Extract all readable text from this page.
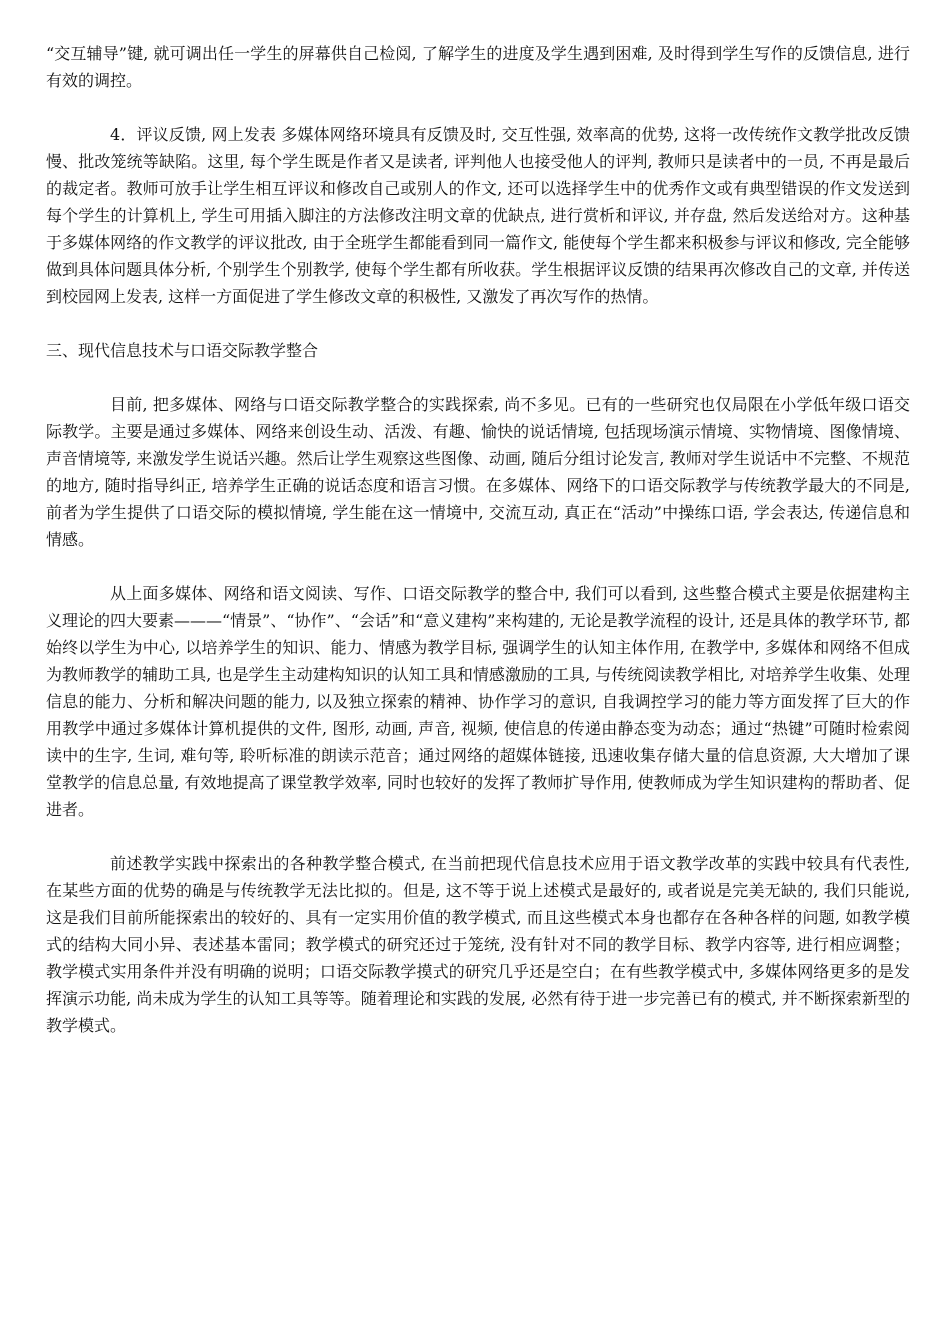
“交互辅导”键, 就可调出任一学生的屏幕供自己检阅, 了解学生的进度及学生遇到困难, 及时得到学生写作的反馈信息, 进行有效的调控。

4．评议反馈, 网上发表 多媒体网络环境具有反馈及时, 交互性强, 效率高的优势, 这将一改传统作文教学批改反馈慢、批改笼统等缺陷。这里, 每个学生既是作者又是读者, 评判他人也接受他人的评判, 教师只是读者中的一员, 不再是最后的裁定者。教师可放手让学生相互评议和修改自己或别人的作文, 还可以选择学生中的优秀作文或有典型错误的作文发送到每个学生的计算机上, 学生可用插入脚注的方法修改注明文章的优缺点, 进行赏析和评议, 并存盘, 然后发送给对方。这种基于多媒体网络的作文教学的评议批改, 由于全班学生都能看到同一篇作文, 能使每个学生都来积极参与评议和修改, 完全能够做到具体问题具体分析, 个别学生个别教学, 使每个学生都有所收获。学生根据评议反馈的结果再次修改自己的文章, 并传送到校园网上发表, 这样一方面促进了学生修改文章的积极性, 又激发了再次写作的热情。

三、现代信息技术与口语交际教学整合

目前, 把多媒体、网络与口语交际教学整合的实践探索, 尚不多见。已有的一些研究也仅局限在小学低年级口语交际教学。主要是通过多媒体、网络来创设生动、活泼、有趣、愉快的说话情境, 包括现场演示情境、实物情境、图像情境、声音情境等, 来激发学生说话兴趣。然后让学生观察这些图像、动画, 随后分组讨论发言, 教师对学生说话中不完整、不规范的地方, 随时指导纠正, 培养学生正确的说话态度和语言习惯。在多媒体、网络下的口语交际教学与传统教学最大的不同是, 前者为学生提供了口语交际的模拟情境, 学生能在这一情境中, 交流互动, 真正在“活动”中操练口语, 学会表达, 传递信息和情感。

从上面多媒体、网络和语文阅读、写作、口语交际教学的整合中, 我们可以看到, 这些整合模式主要是依据建构主义理论的四大要素———“情景”、“协作”、“会话”和“意义建构”来构建的, 无论是教学流程的设计, 还是具体的教学环节, 都始终以学生为中心, 以培养学生的知识、能力、情感为教学目标, 强调学生的认知主体作用, 在教学中, 多媒体和网络不但成为教师教学的辅助工具, 也是学生主动建构知识的认知工具和情感激励的工具, 与传统阅读教学相比, 对培养学生收集、处理信息的能力、分析和解决问题的能力, 以及独立探索的精神、协作学习的意识, 自我调控学习的能力等方面发挥了巨大的作用教学中通过多媒体计算机提供的文件, 图形, 动画, 声音, 视频, 使信息的传递由静态变为动态；通过“热键”可随时检索阅读中的生字, 生词, 难句等, 聆听标准的朗读示范音；通过网络的超媒体链接, 迅速收集存储大量的信息资源, 大大增加了课堂教学的信息总量, 有效地提高了课堂教学效率, 同时也较好的发挥了教师扩导作用, 使教师成为学生知识建构的帮助者、促进者。

前述教学实践中探索出的各种教学整合模式, 在当前把现代信息技术应用于语文教学改革的实践中较具有代表性, 在某些方面的优势的确是与传统教学无法比拟的。但是, 这不等于说上述模式是最好的, 或者说是完美无缺的, 我们只能说, 这是我们目前所能探索出的较好的、具有一定实用价值的教学模式, 而且这些模式本身也都存在各种各样的问题, 如教学模式的结构大同小异、表述基本雷同；教学模式的研究还过于笼统, 没有针对不同的教学目标、教学内容等, 进行相应调整；教学模式实用条件并没有明确的说明；口语交际教学摸式的研究几乎还是空白；在有些教学模式中, 多媒体网络更多的是发挥演示功能, 尚未成为学生的认知工具等等。随着理论和实践的发展, 必然有待于进一步完善已有的模式, 并不断探索新型的教学模式。
